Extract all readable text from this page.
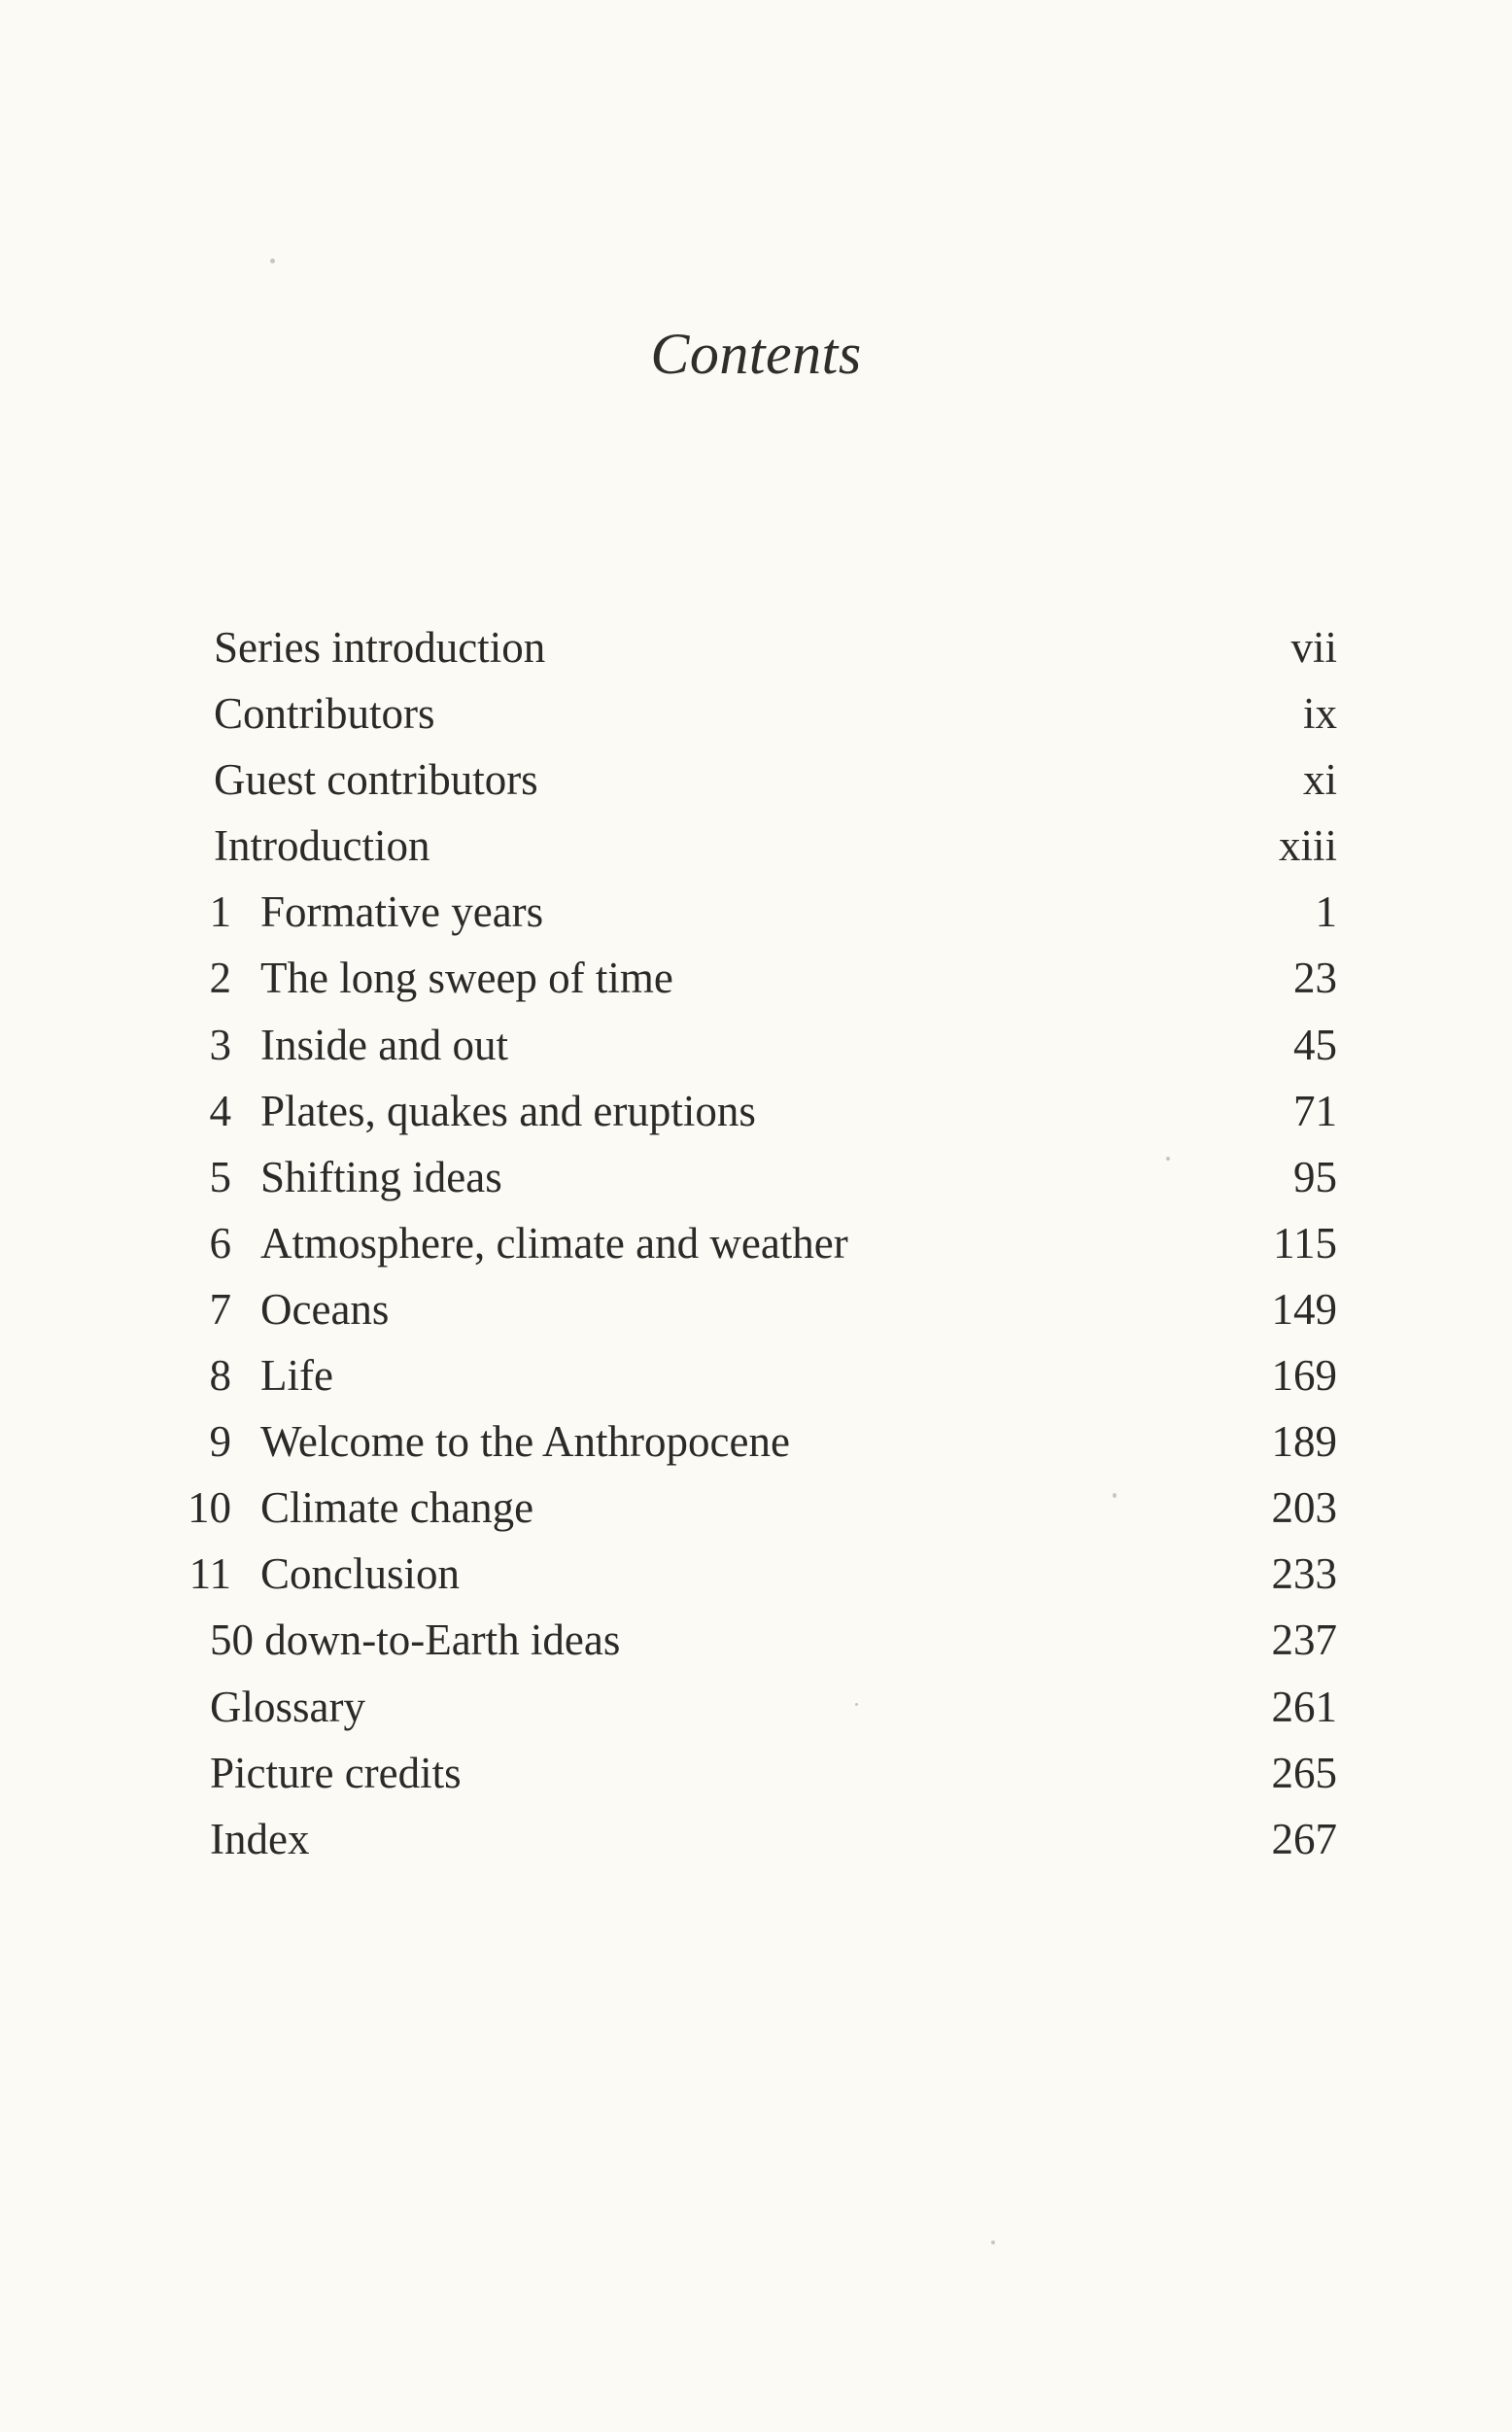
Contents
Series introduction	vii
Contributors	ix
Guest contributors	xi
Introduction	xiii
1 Formative years	1
2 The long sweep of time	23
3 Inside and out	45
4 Plates, quakes and eruptions	71
5 Shifting ideas	95
6 Atmosphere, climate and weather	115
7 Oceans	149
8 Life	169
9 Welcome to the Anthropocene	189
10 Climate change	203
11 Conclusion	233
50 down-to-Earth ideas	237
Glossary	261
Picture credits	265
Index	267
